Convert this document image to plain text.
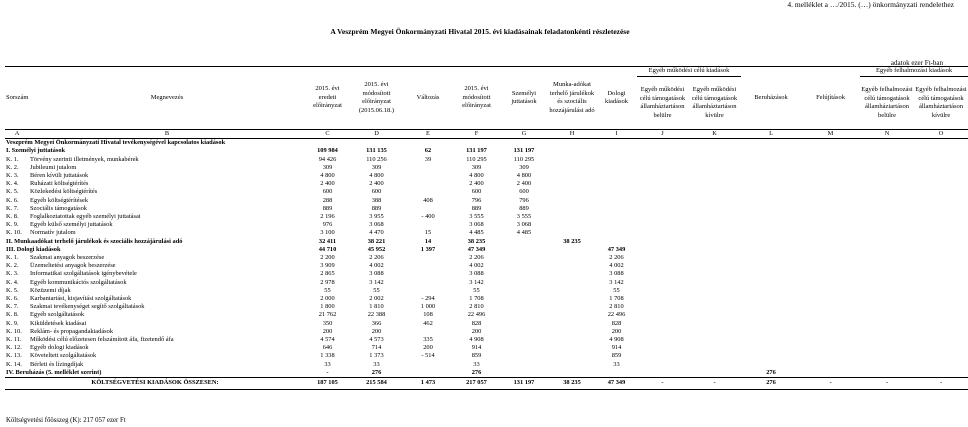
4. melléklet a …/2015. (…) önkormányzati rendelethez
A Veszprém Megyei Önkormányzati Hivatal 2015. évi kiadásainak feladatonkénti részletezése
adatok ezer Ft-ban
Sorszám	Megnevezés	2015. évi eredeti előirányzat	2015. évi módosított előirányzat (2015.06.18.)	Változás	2015. évi módosított előirányzat	Személyi juttatások	Munka-adókat terhelő járulékok és szociális hozzájárulási adó	Dologi kiadások	Egyéb működési célú kiadások		Beruházások	Felújítások	Egyéb felhalmozási kiadások	
									Egyéb működési célú támogatások államháztartáson belülre	Egyéb működési célú támogatások államháztartáson kívülre			Egyéb felhalmozási célú támogatások államháztartáson belülre	Egyéb felhalmozási célú támogatások államháztartáson kívülre
A	B	C	D	E	F	G	H	I	J	K	L	M	N	O
Veszprém Megyei Önkormányzati Hivatal tevékenységével kapcsolatos kiadások														
I. Személyi juttatások		109 984	131 135	62	131 197	131 197								
K. 1.	Törvény szerinti illetmények, munkabérek	94 426	110 256	39	110 295	110 295								
K. 2.	Jubileumi jutalom	309	309		309	309								
K. 3.	Béren kívüli juttatások	4 800	4 800		4 800	4 800								
K. 4.	Ruházati költségtérítés	2 400	2 400		2 400	2 400								
K. 5.	Közlekedési költségtérítés	600	600		600	600								
K. 6.	Egyéb költségtérítések	288	388	408	796	796								
K. 7.	Szociális támogatások	889	889		889	889								
K. 8.	Foglalkoztatottak egyéb személyi juttatásai	2 196	3 955	- 400	3 555	3 555								
K. 9.	Egyéb külső személyi juttatások	976	3 068		3 068	3 068								
K. 10.	Normatív jutalom	3 100	4 470	15	4 485	4 485								
II. Munkaadókat terhelő járulékok és szociális hozzájárulási adó		32 411	38 221	14	38 235		38 235							
III. Dologi kiadások		44 710	45 952	1 397	47 349			47 349						
K. 1.	Szakmai anyagok beszerzése	2 200	2 206		2 206			2 206						
K. 2.	Üzemeltetési anyagok beszerzése	3 909	4 002		4 002			4 002						
K. 3.	Informatikai szolgáltatások igénybevétele	2 865	3 088		3 088			3 088						
K. 4.	Egyéb kommunikációs szolgáltatások	2 978	3 142		3 142			3 142						
K. 5.	Közüzemi díjak	55	55		55			55						
K. 6.	Karbantartási, kisjavítási szolgáltatások	2 000	2 002	- 294	1 708			1 708						
K. 7.	Szakmai tevékenységet segítő szolgáltatások	1 800	1 810	1 000	2 810			2 810						
K. 8.	Egyéb szolgáltatások	21 762	22 388	108	22 496			22 496						
K. 9.	Kiküldetések kiadásai	350	366	462	828			828						
K. 10.	Reklám- és propagandakiadások	200	200		200			200						
K. 11.	Működési célú előzetesen felszámított áfa, fizetendő áfa	4 574	4 573	335	4 908			4 908						
K. 12.	Egyéb dologi kiadások	646	714	200	914			914						
K. 13.	Követeltett szolgáltatások	1 338	1 373	- 514	859			859						
K. 14.	Bérleti és lízingdíjak	33	33		33			33						
IV. Beruházás (5. melléklet szerint)		-	276		276						276			
KÖLTSÉGVETÉSI KIADÁSOK ÖSSZESEN:		187 105	215 584	1 473	217 057	131 197	38 235	47 349	-	-	276	-	-	-
Költségvetési főösszeg (K): 217 057 ezer Ft
